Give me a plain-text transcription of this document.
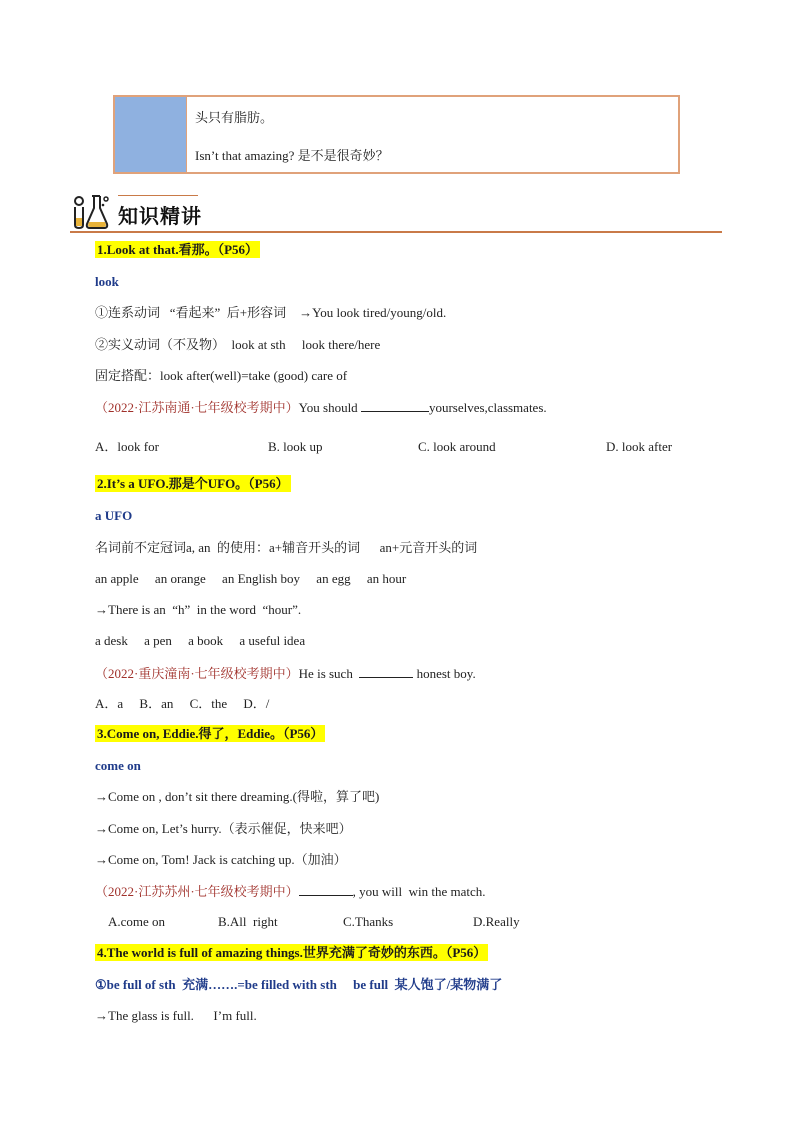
头只有脂肪。
Isn’t that amazing? 是不是很奇妙？
知识精讲
1.Look at that.看那。（P56）
look
①连系动词   “看起来”  后+形容词    →You look tired/young/old.
②实义动词（不及物）  look at sth     look there/here
固定搭配：look after(well)=take (good) care of
（2022·江苏南通·七年级校考期中）You should	yourselves,classmates.
A．look for	B. look up	C. look around	D. look after
2.It’s a UFO.那是个UFO。（P56）
a UFO
名词前不定冠词a, an  的使用：a+辅音开头的词      an+元音开头的词
an apple     an orange     an English boy     an egg     an hour
→There is an  “h”  in the word  “hour”.
a desk     a pen     a book     a useful idea
（2022·重庆潼南·七年级校考期中）He is such	honest boy.
A．a     B．an     C．the     D．/
3.Come on, Eddie.得了，Eddie。（P56）
come on
→Come on , don’t sit there dreaming.(得啦，算了吧)
→Come on, Let’s hurry.（表示催促，快来吧）
→Come on, Tom! Jack is catching up.（加油）
（2022·江苏苏州·七年级校考期中）	, you will  win the match.
A.come on	B.All  right	C.Thanks	D.Really
4.The world is full of amazing things.世界充满了奇妙的东西。（P56）
①be full of sth  充满…….=be filled with sth     be full  某人饱了/某物满了
→The glass is full.      I’m full.
